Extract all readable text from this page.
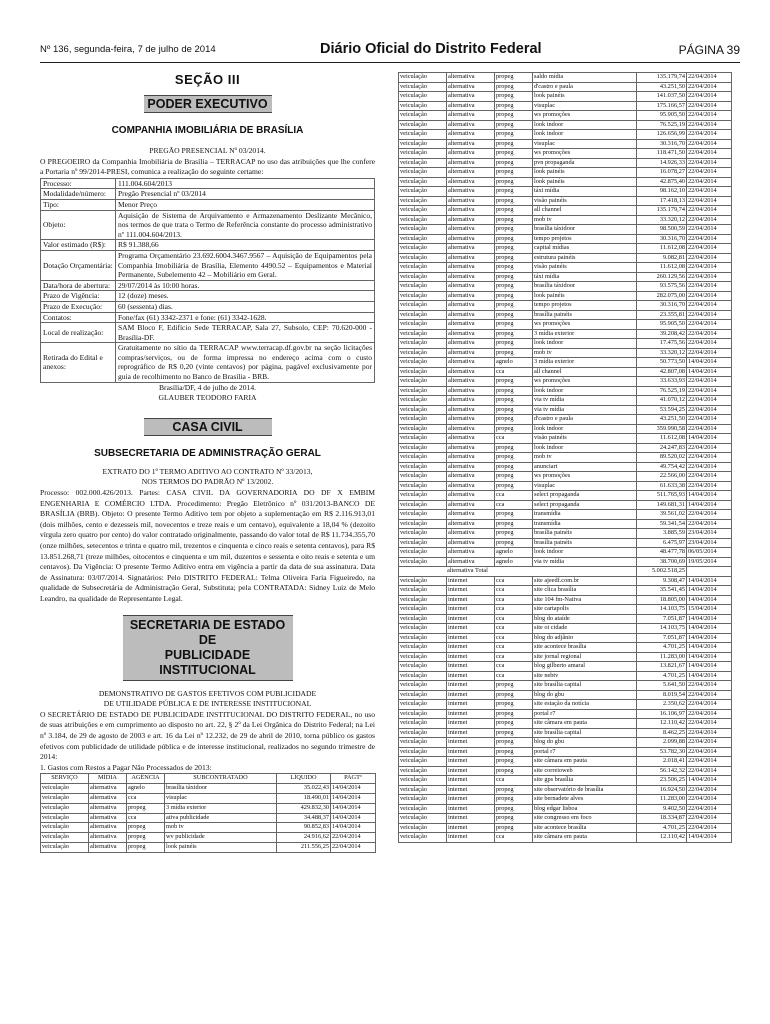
Nº 136, segunda-feira, 7 de julho de 2014	Diário Oficial do Distrito Federal	PÁGINA 39
SEÇÃO III
PODER EXECUTIVO
COMPANHIA IMOBILIÁRIA DE BRASÍLIA
PREGÃO PRESENCIAL Nº 03/2014.
O PREGOEIRO da Companhia Imobiliária de Brasília – TERRACAP no uso das atribuições que lhe confere a Portaria nº 99/2014-PRESI, comunica a realização do seguinte certame:
Processo:	111.004.604/2013
Modalidade/número:	Pregão Presencial nº 03/2014
Tipo:	Menor Preço
Objeto:	Aquisição de Sistema de Arquivamento e Armazenamento Deslizante Mecânico, nos termos de que trata o Termo de Referência constante do processo administrativo nº 111.004.604/2013.
Valor estimado (R$):	R$ 91.388,66
Dotação Orçamentária:	Programa Orçamentário 23.692.6004.3467.9567 – Aquisição de Equipamentos pela Companhia Imobiliária de Brasília, Elemento 4490.52 – Equipamentos e Material Permanente, Subelemento 42 – Mobiliário em Geral.
Data/hora de abertura:	29/07/2014 às 10:00 horas.
Prazo de Vigência:	12 (doze) meses.
Prazo de Execução:	60 (sessenta) dias.
Contatos:	Fone/fax (61) 3342-2371 e fone: (61) 3342-1628.
Local de realização:	SAM Bloco F, Edifício Sede TERRACAP, Sala 27, Subsolo, CEP: 70.620-000 - Brasília-DF.
Retirada do Edital e anexos:	Gratuitamente no sítio da TERRACAP www.terracap.df.gov.br na seção licitações compras/serviços, ou de forma impressa no endereço acima com o custo reprográfico de R$ 0,20 (vinte centavos) por página, pagável exclusivamente por guia de recolhimento no Banco de Brasília - BRB.
Brasília/DF, 4 de julho de 2014.
GLAUBER TEODORO FARIA
CASA CIVIL
SUBSECRETARIA DE ADMINISTRAÇÃO GERAL
EXTRATO DO 1º TERMO ADITIVO AO CONTRATO Nº 33/2013,
NOS TERMOS DO PADRÃO Nº 13/2002.
Processo: 002.000.426/2013. Partes: CASA CIVIL DA GOVERNADORIA DO DF X EMBIM ENGENHARIA E COMÉRCIO LTDA. Procedimento: Pregão Eletrônico nº 031/2013-BANCO DE BRASÍLIA (BRB). Objeto: O presente Termo Aditivo tem por objeto a suplementação em R$ 2.116.913,01 (dois milhões, cento e dezesseis mil, novecentos e treze reais e um centavo), equivalente a 18,04 % (dezoito vírgula zero quatro por cento) do valor contratado originalmente, passando do valor total de R$ 11.734.355,70 (onze milhões, setecentos e trinta e quatro mil, trezentos e cinquenta e cinco reais e setenta centavos), para R$ 13.851.268,71 (treze milhões, oitocentos e cinquenta e um mil, duzentos e sessenta e oito reais e setenta e um centavos). Da Vigência: O presente Termo Aditivo entra em vigência a partir da data de sua assinatura. Data de Assinatura: 03/07/2014. Signatários: Pelo DISTRITO FEDERAL: Telma Oliveira Faria Figueiredo, na qualidade de Subsecretária de Administração Geral, Substituta; pela CONTRATADA: Sidney Luiz de Melo Leandro, na qualidade de Representante Legal.
SECRETARIA DE ESTADO DE
PUBLICIDADE INSTITUCIONAL
DEMONSTRATIVO DE GASTOS EFETIVOS COM PUBLICIDADE
DE UTILIDADE PÚBLICA E DE INTERESSE INSTITUCIONAL
O SECRETÁRIO DE ESTADO DE PUBLICIDADE INSTITUCIONAL DO DISTRITO FEDERAL, no uso de suas atribuições e em cumprimento ao disposto no art. 22, § 2º da Lei Orgânica do Distrito Federal; na Lei nº 3.184, de 29 de agosto de 2003 e art. 16 da Lei nº 12.232, de 29 de abril de 2010, torna público os gastos efetivos com publicidade de utilidade pública e de interesse institucional, realizados no segundo trimestre de 2014:
1. Gastos com Restos a Pagar Não Processados de 2013:
SERVIÇO	MÍDIA	AGÊNCIA	SUBCONTRATADO	LÍQUIDO	PAGTº
veiculação	alternativa	agnelo	brasília tàxidoor	35.022,43	14/04/2014
veiculação	alternativa	cca	visuplac	18.490,01	14/04/2014
veiculação	alternativa	propeg	3 mídia exterior	429.832,30	14/04/2014
veiculação	alternativa	cca	ativa publicidade	34.488,37	14/04/2014
veiculação	alternativa	propeg	mob tv	90.852,83	14/04/2014
veiculação	alternativa	propeg	wv publicidade	24.916,62	22/04/2014
veiculação	alternativa	propeg	look painéis	211.556,25	22/04/2014
veiculação	alternativa	propeg	saldo mídia	135.179,74	22/04/2014
veiculação	alternativa	propeg	d'castro e paula	43.251,50	22/04/2014
veiculação	alternativa	propeg	look painéis	141.037,50	22/04/2014
veiculação	alternativa	propeg	visuplac	175.166,57	22/04/2014
veiculação	alternativa	propeg	ws promoções	95.905,50	22/04/2014
veiculação	alternativa	propeg	look indoor	76.525,19	22/04/2014
veiculação	alternativa	propeg	look indoor	126.656,99	22/04/2014
veiculação	alternativa	propeg	visuplac	30.316,70	22/04/2014
veiculação	alternativa	propeg	ws promoções	118.471,50	22/04/2014
veiculação	alternativa	propeg	pvn propaganda	14.926,33	22/04/2014
veiculação	alternativa	propeg	look painéis	16.078,27	22/04/2014
veiculação	alternativa	propeg	look painéis	42.875,40	22/04/2014
veiculação	alternativa	propeg	táxi mídia	98.162,10	22/04/2014
veiculação	alternativa	propeg	visão painéis	17.418,13	22/04/2014
veiculação	alternativa	propeg	all channel	135.179,74	22/04/2014
veiculação	alternativa	propeg	mob tv	33.320,12	22/04/2014
veiculação	alternativa	propeg	brasília táxidoor	98.500,59	22/04/2014
veiculação	alternativa	propeg	tempo projetos	30.316,70	22/04/2014
veiculação	alternativa	propeg	capital mídias	11.612,08	22/04/2014
veiculação	alternativa	propeg	estrutura painéis	9.082,81	22/04/2014
veiculação	alternativa	propeg	visão painéis	11.612,08	22/04/2014
veiculação	alternativa	propeg	táxi mídia	260.129,56	22/04/2014
veiculação	alternativa	propeg	brasília táxidoor	93.575,56	22/04/2014
veiculação	alternativa	propeg	look painéis	282.075,00	22/04/2014
veiculação	alternativa	propeg	tempo projetos	30.316,70	22/04/2014
veiculação	alternativa	propeg	brasília painéis	23.355,81	22/04/2014
veiculação	alternativa	propeg	ws promoções	95.905,50	22/04/2014
veiculação	alternativa	propeg	3 mídia exterior	39.208,42	22/04/2014
veiculação	alternativa	propeg	look indoor	17.475,56	22/04/2014
veiculação	alternativa	propeg	mob tv	33.320,12	22/04/2014
veiculação	alternativa	agnelo	3 mídia exterior	50.773,50	14/04/2014
veiculação	alternativa	cca	all channel	42.807,08	14/04/2014
veiculação	alternativa	propeg	ws promoções	33.633,93	22/04/2014
veiculação	alternativa	propeg	look indoor	76.525,19	22/04/2014
veiculação	alternativa	propeg	via tv mídia	41.070,12	22/04/2014
veiculação	alternativa	propeg	via tv mídia	53.594,25	22/04/2014
veiculação	alternativa	propeg	d'castro e paula	43.251,50	22/04/2014
veiculação	alternativa	propeg	look indoor	359.990,58	22/04/2014
veiculação	alternativa	cca	visão painéis	11.612,08	14/04/2014
veiculação	alternativa	propeg	look indoor	24.247,83	22/04/2014
veiculação	alternativa	propeg	mob tv	89.520,02	22/04/2014
veiculação	alternativa	propeg	anunciart	49.754,42	22/04/2014
veiculação	alternativa	propeg	ws promoções	22.566,00	22/04/2014
veiculação	alternativa	propeg	visuplac	61.633,38	22/04/2014
veiculação	alternativa	cca	select propaganda	511.765,93	14/04/2014
veiculação	alternativa	cca	select propaganda	149.681,31	14/04/2014
veiculação	alternativa	propeg	transmídia	39.561,02	22/04/2014
veiculação	alternativa	propeg	transmídia	59.341,54	22/04/2014
veiculação	alternativa	propeg	brasília painéis	3.885,59	23/04/2014
veiculação	alternativa	propeg	brasília painéis	6.475,97	23/04/2014
veiculação	alternativa	agnelo	look indoor	48.477,78	06/05/2014
veiculação	alternativa	agnelo	via tv mídia	38.700,69	19/05/2014
alternativa Total				5.002.518,25	
veiculação	internet	cca	site ajeedf.com.br	9.308,47	14/04/2014
veiculação	internet	cca	site clica brasília	35.541,45	14/04/2014
veiculação	internet	cca	site 104 fm-Nativa	18.805,00	14/04/2014
veiculação	internet	cca	site cartapolis	14.103,75	15/04/2014
veiculação	internet	cca	blog do ataíde	7.051,87	14/04/2014
veiculação	internet	cca	site oi cidade	14.103,75	14/04/2014
veiculação	internet	cca	blog do adjânio	7.051,87	14/04/2014
veiculação	internet	cca	site acontece brasília	4.701,25	14/04/2014
veiculação	internet	cca	site jornal regional	11.283,00	14/04/2014
veiculação	internet	cca	blog gilberto amaral	13.821,67	14/04/2014
veiculação	internet	cca	site nebtv	4.701,25	14/04/2014
veiculação	internet	propeg	site brasília capital	5.641,50	22/04/2014
veiculação	internet	propeg	blog do gbu	8.019,54	22/04/2014
veiculação	internet	propeg	site estação da notícia	2.350,62	22/04/2014
veiculação	internet	propeg	portal r7	16.106,97	22/04/2014
veiculação	internet	propeg	site câmara em pauta	12.110,42	22/04/2014
veiculação	internet	propeg	site brasília capital	8.462,25	22/04/2014
veiculação	internet	propeg	blog do gbu	2.099,88	22/04/2014
veiculação	internet	propeg	portal r7	53.782,30	22/04/2014
veiculação	internet	propeg	site câmara em pauta	2.018,41	22/04/2014
veiculação	internet	propeg	site correioweb	56.142,32	22/04/2014
veiculação	internet	cca	site gps brasília	23.506,25	14/04/2014
veiculação	internet	propeg	site observatório de brasília	16.924,50	22/04/2014
veiculação	internet	propeg	site bernadete alves	11.283,00	22/04/2014
veiculação	internet	propeg	blog edgar lisboa	9.402,50	22/04/2014
veiculação	internet	propeg	site congresso em foco	18.334,87	22/04/2014
veiculação	internet	propeg	site acontece brasília	4.701,25	22/04/2014
veiculação	internet	cca	site câmara em pauta	12.110,42	14/04/2014
